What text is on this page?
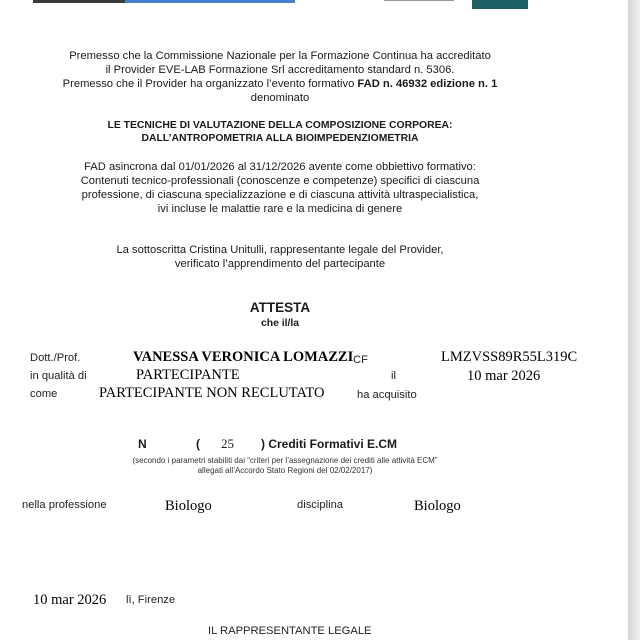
Premesso che la Commissione Nazionale per la Formazione Continua ha accreditato
il Provider EVE-LAB Formazione Srl accreditamento standard n. 5306.
Premesso che il Provider ha organizzato l’evento formativo FAD n. 46932 edizione n. 1
denominato
LE TECNICHE DI VALUTAZIONE DELLA COMPOSIZIONE CORPOREA:
DALL’ANTROPOMETRIA ALLA BIOIMPEDENZIOMETRIA
FAD asincrona dal 01/01/2026 al 31/12/2026 avente come obbiettivo formativo:
Contenuti tecnico-professionali (conoscenze e competenze) specifici di ciascuna
professione, di ciascuna specializzazione e di ciascuna attività ultraspecialistica,
ivi incluse le malattie rare e la medicina di genere
La sottoscritta Cristina Unitulli, rappresentante legale del Provider,
verificato l’apprendimento del partecipante
ATTESTA
che il/la
Dott./Prof.	VANESSA VERONICA LOMAZZI CF	LMZVSS89R55L319C
in qualità di	PARTECIPANTE	il	10 mar 2026
come	PARTECIPANTE NON RECLUTATO	ha acquisito
N	( 25 ) Crediti Formativi E.CM
(secondo i parametri stabiliti dai “criteri per l’assegnazione dei crediti alle attività ECM”
allegati all’Accordo Stato Regioni del 02/02/2017)
nella professione	Biologo	disciplina	Biologo
10 mar 2026 lì, Firenze
IL RAPPRESENTANTE LEGALE
